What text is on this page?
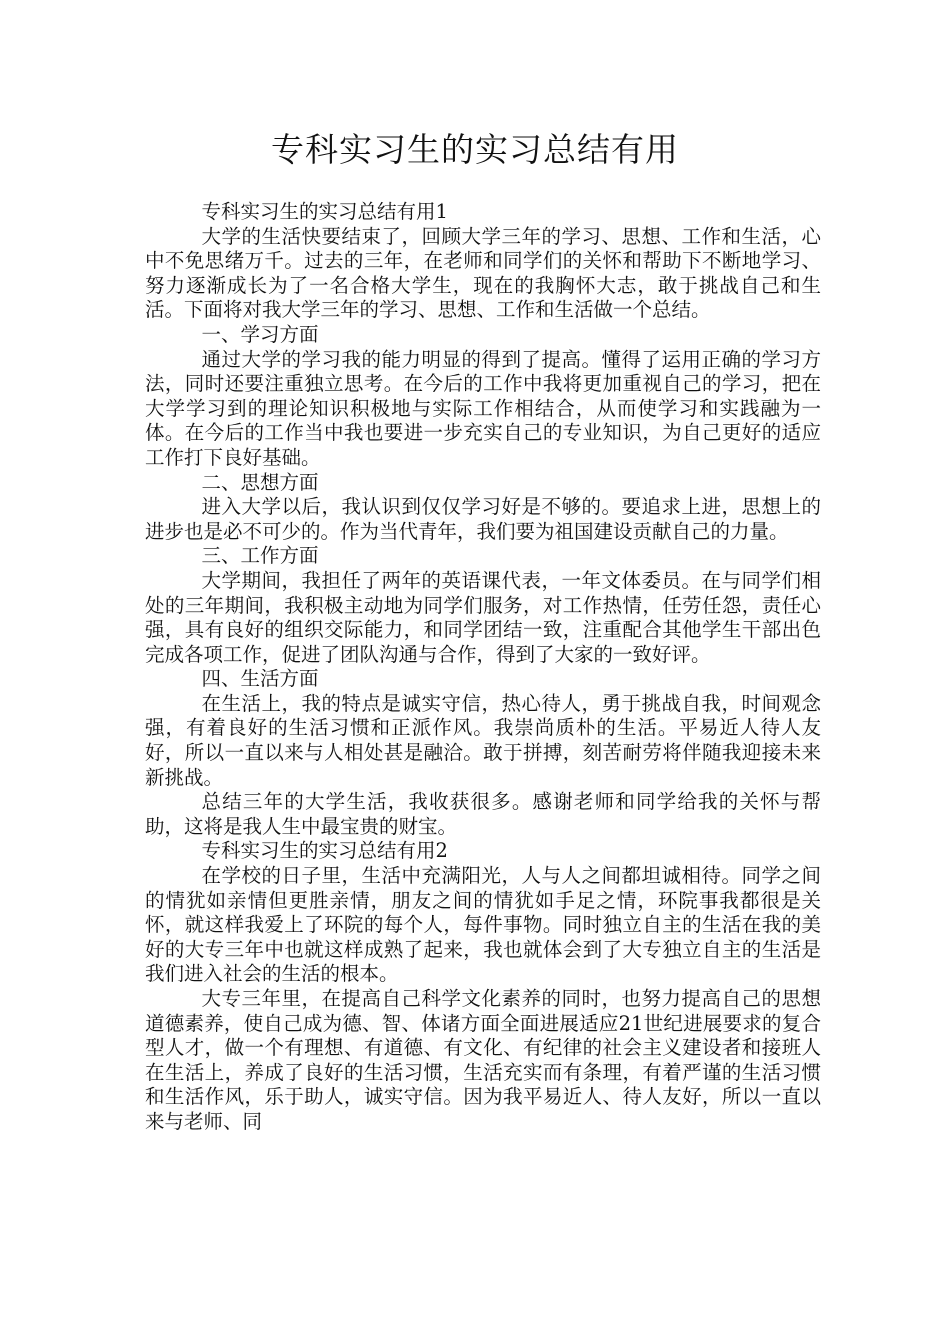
专科实习生的实习总结有用

专科实习生的实习总结有用1

大学的生活快要结束了，回顾大学三年的学习、思想、工作和生活，心中不免思绪万千。过去的三年，在老师和同学们的关怀和帮助下不断地学习、努力逐渐成长为了一名合格大学生，现在的我胸怀大志，敢于挑战自己和生活。下面将对我大学三年的学习、思想、工作和生活做一个总结。

一、学习方面

通过大学的学习我的能力明显的得到了提高。懂得了运用正确的学习方法，同时还要注重独立思考。在今后的工作中我将更加重视自己的学习，把在大学学习到的理论知识积极地与实际工作相结合，从而使学习和实践融为一体。在今后的工作当中我也要进一步充实自己的专业知识，为自己更好的适应工作打下良好基础。

二、思想方面

进入大学以后，我认识到仅仅学习好是不够的。要追求上进，思想上的进步也是必不可少的。作为当代青年，我们要为祖国建设贡献自己的力量。

三、工作方面

大学期间，我担任了两年的英语课代表，一年文体委员。在与同学们相处的三年期间，我积极主动地为同学们服务，对工作热情，任劳任怨，责任心强，具有良好的组织交际能力，和同学团结一致，注重配合其他学生干部出色完成各项工作，促进了团队沟通与合作，得到了大家的一致好评。

四、生活方面

在生活上，我的特点是诚实守信，热心待人，勇于挑战自我，时间观念强，有着良好的生活习惯和正派作风。我崇尚质朴的生活。平易近人待人友好，所以一直以来与人相处甚是融洽。敢于拼搏，刻苦耐劳将伴随我迎接未来新挑战。

总结三年的大学生活，我收获很多。感谢老师和同学给我的关怀与帮助，这将是我人生中最宝贵的财宝。

专科实习生的实习总结有用2

在学校的日子里，生活中充满阳光，人与人之间都坦诚相待。同学之间的情犹如亲情但更胜亲情，朋友之间的情犹如手足之情，环院事我都很是关怀，就这样我爱上了环院的每个人，每件事物。同时独立自主的生活在我的美好的大专三年中也就这样成熟了起来，我也就体会到了大专独立自主的生活是我们进入社会的生活的根本。

大专三年里，在提高自己科学文化素养的同时，也努力提高自己的思想道德素养，使自己成为德、智、体诸方面全面进展适应21世纪进展要求的复合型人才，做一个有理想、有道德、有文化、有纪律的社会主义建设者和接班人在生活上，养成了良好的生活习惯，生活充实而有条理，有着严谨的生活习惯和生活作风，乐于助人，诚实守信。因为我平易近人、待人友好，所以一直以来与老师、同
